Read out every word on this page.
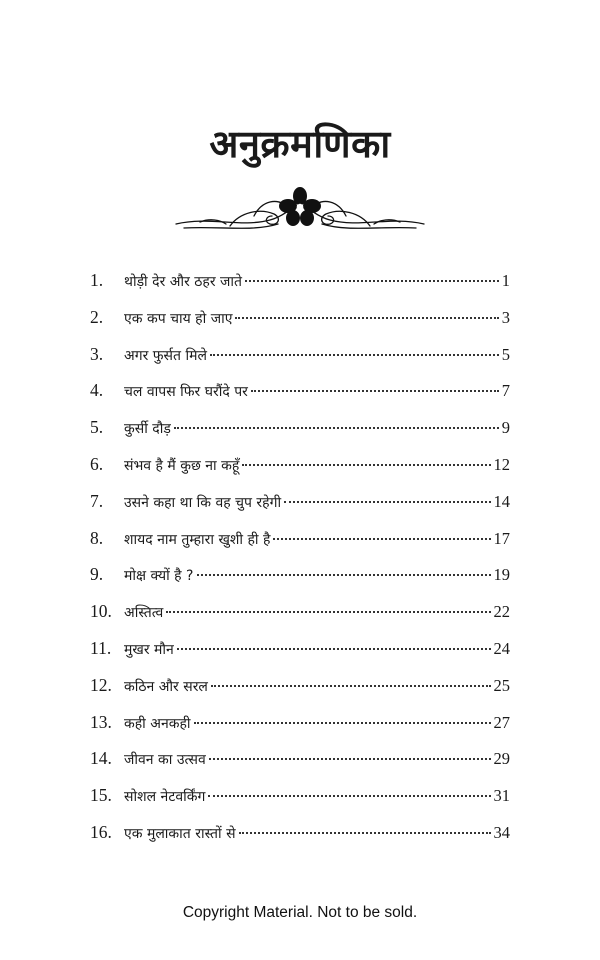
अनुक्रमणिका
1.	थोड़ी देर और ठहर जाते	1
2.	एक कप चाय हो जाए	3
3.	अगर फुर्सत मिले	5
4.	चल वापस फिर घरौंदे पर	7
5.	कुर्सी दौड़	9
6.	संभव है मैं कुछ ना कहूँ	12
7.	उसने कहा था कि वह चुप रहेगी	14
8.	शायद नाम तुम्हारा खुशी ही है	17
9.	मोक्ष क्यों है ?	19
10. अस्तित्व	22
11. मुखर मौन	24
12. कठिन और सरल	25
13. कही अनकही	27
14. जीवन का उत्सव	29
15. सोशल नेटवर्किंग	31
16. एक मुलाकात रास्तों से	34
Copyright Material. Not to be sold.
